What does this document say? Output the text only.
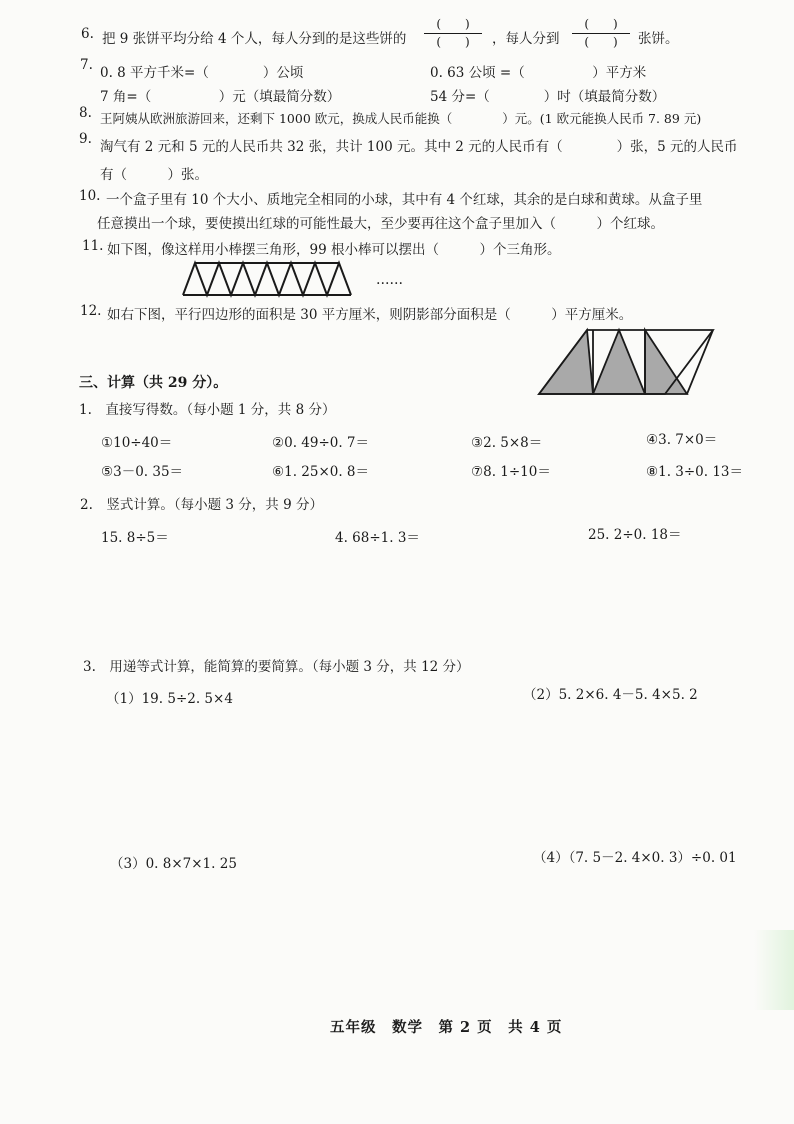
6. 把 9 张饼平均分给 4 个人，每人分到的是这些饼的
(　　)
(　　)	，每人分到
(　　)
(　　)	张饼。
7. 0. 8 平方千米=（　　　　）公顷	0. 63 公顷 =（　　　　　）平方米
7 角=（　　　　　）元（填最简分数）	54 分=（　　　　）吋（填最简分数）
8. 王阿姨从欧洲旅游回来，还剩下 1000 欧元，换成人民币能换（　　　　）元。(1 欧元能换人民币 7. 89 元)
9. 淘气有 2 元和 5 元的人民币共 32 张，共计 100 元。其中 2 元的人民币有（　　　　）张，5 元的人民币
有（　　　）张。
10. 一个盒子里有 10 个大小、质地完全相同的小球，其中有 4 个红球，其余的是白球和黄球。从盒子里
任意摸出一个球，要使摸出红球的可能性最大，至少要再往这个盒子里加入（　　　）个红球。
11. 如下图，像这样用小棒摆三角形，99 根小棒可以摆出（　　　）个三角形。
……
12. 如右下图，平行四边形的面积是 30 平方厘米，则阴影部分面积是（　　　）平方厘米。
三、计算（共 29 分）。
1.　直接写得数。（每小题 1 分，共 8 分）
①10÷40＝	②0. 49÷0. 7＝	③2. 5×8＝	④3. 7×0＝
⑤3－0. 35＝	⑥1. 25×0. 8＝	⑦8. 1÷10＝	⑧1. 3÷0. 13＝
2.　竖式计算。（每小题 3 分，共 9 分）
15. 8÷5＝	4. 68÷1. 3＝	25. 2÷0. 18＝
3.　用递等式计算，能简算的要简算。（每小题 3 分，共 12 分）
（1）19. 5÷2. 5×4	（2）5. 2×6. 4－5. 4×5. 2
（3）0. 8×7×1. 25	（4）（7. 5－2. 4×0. 3）÷0. 01
五年级　数学　第 2 页　共 4 页
